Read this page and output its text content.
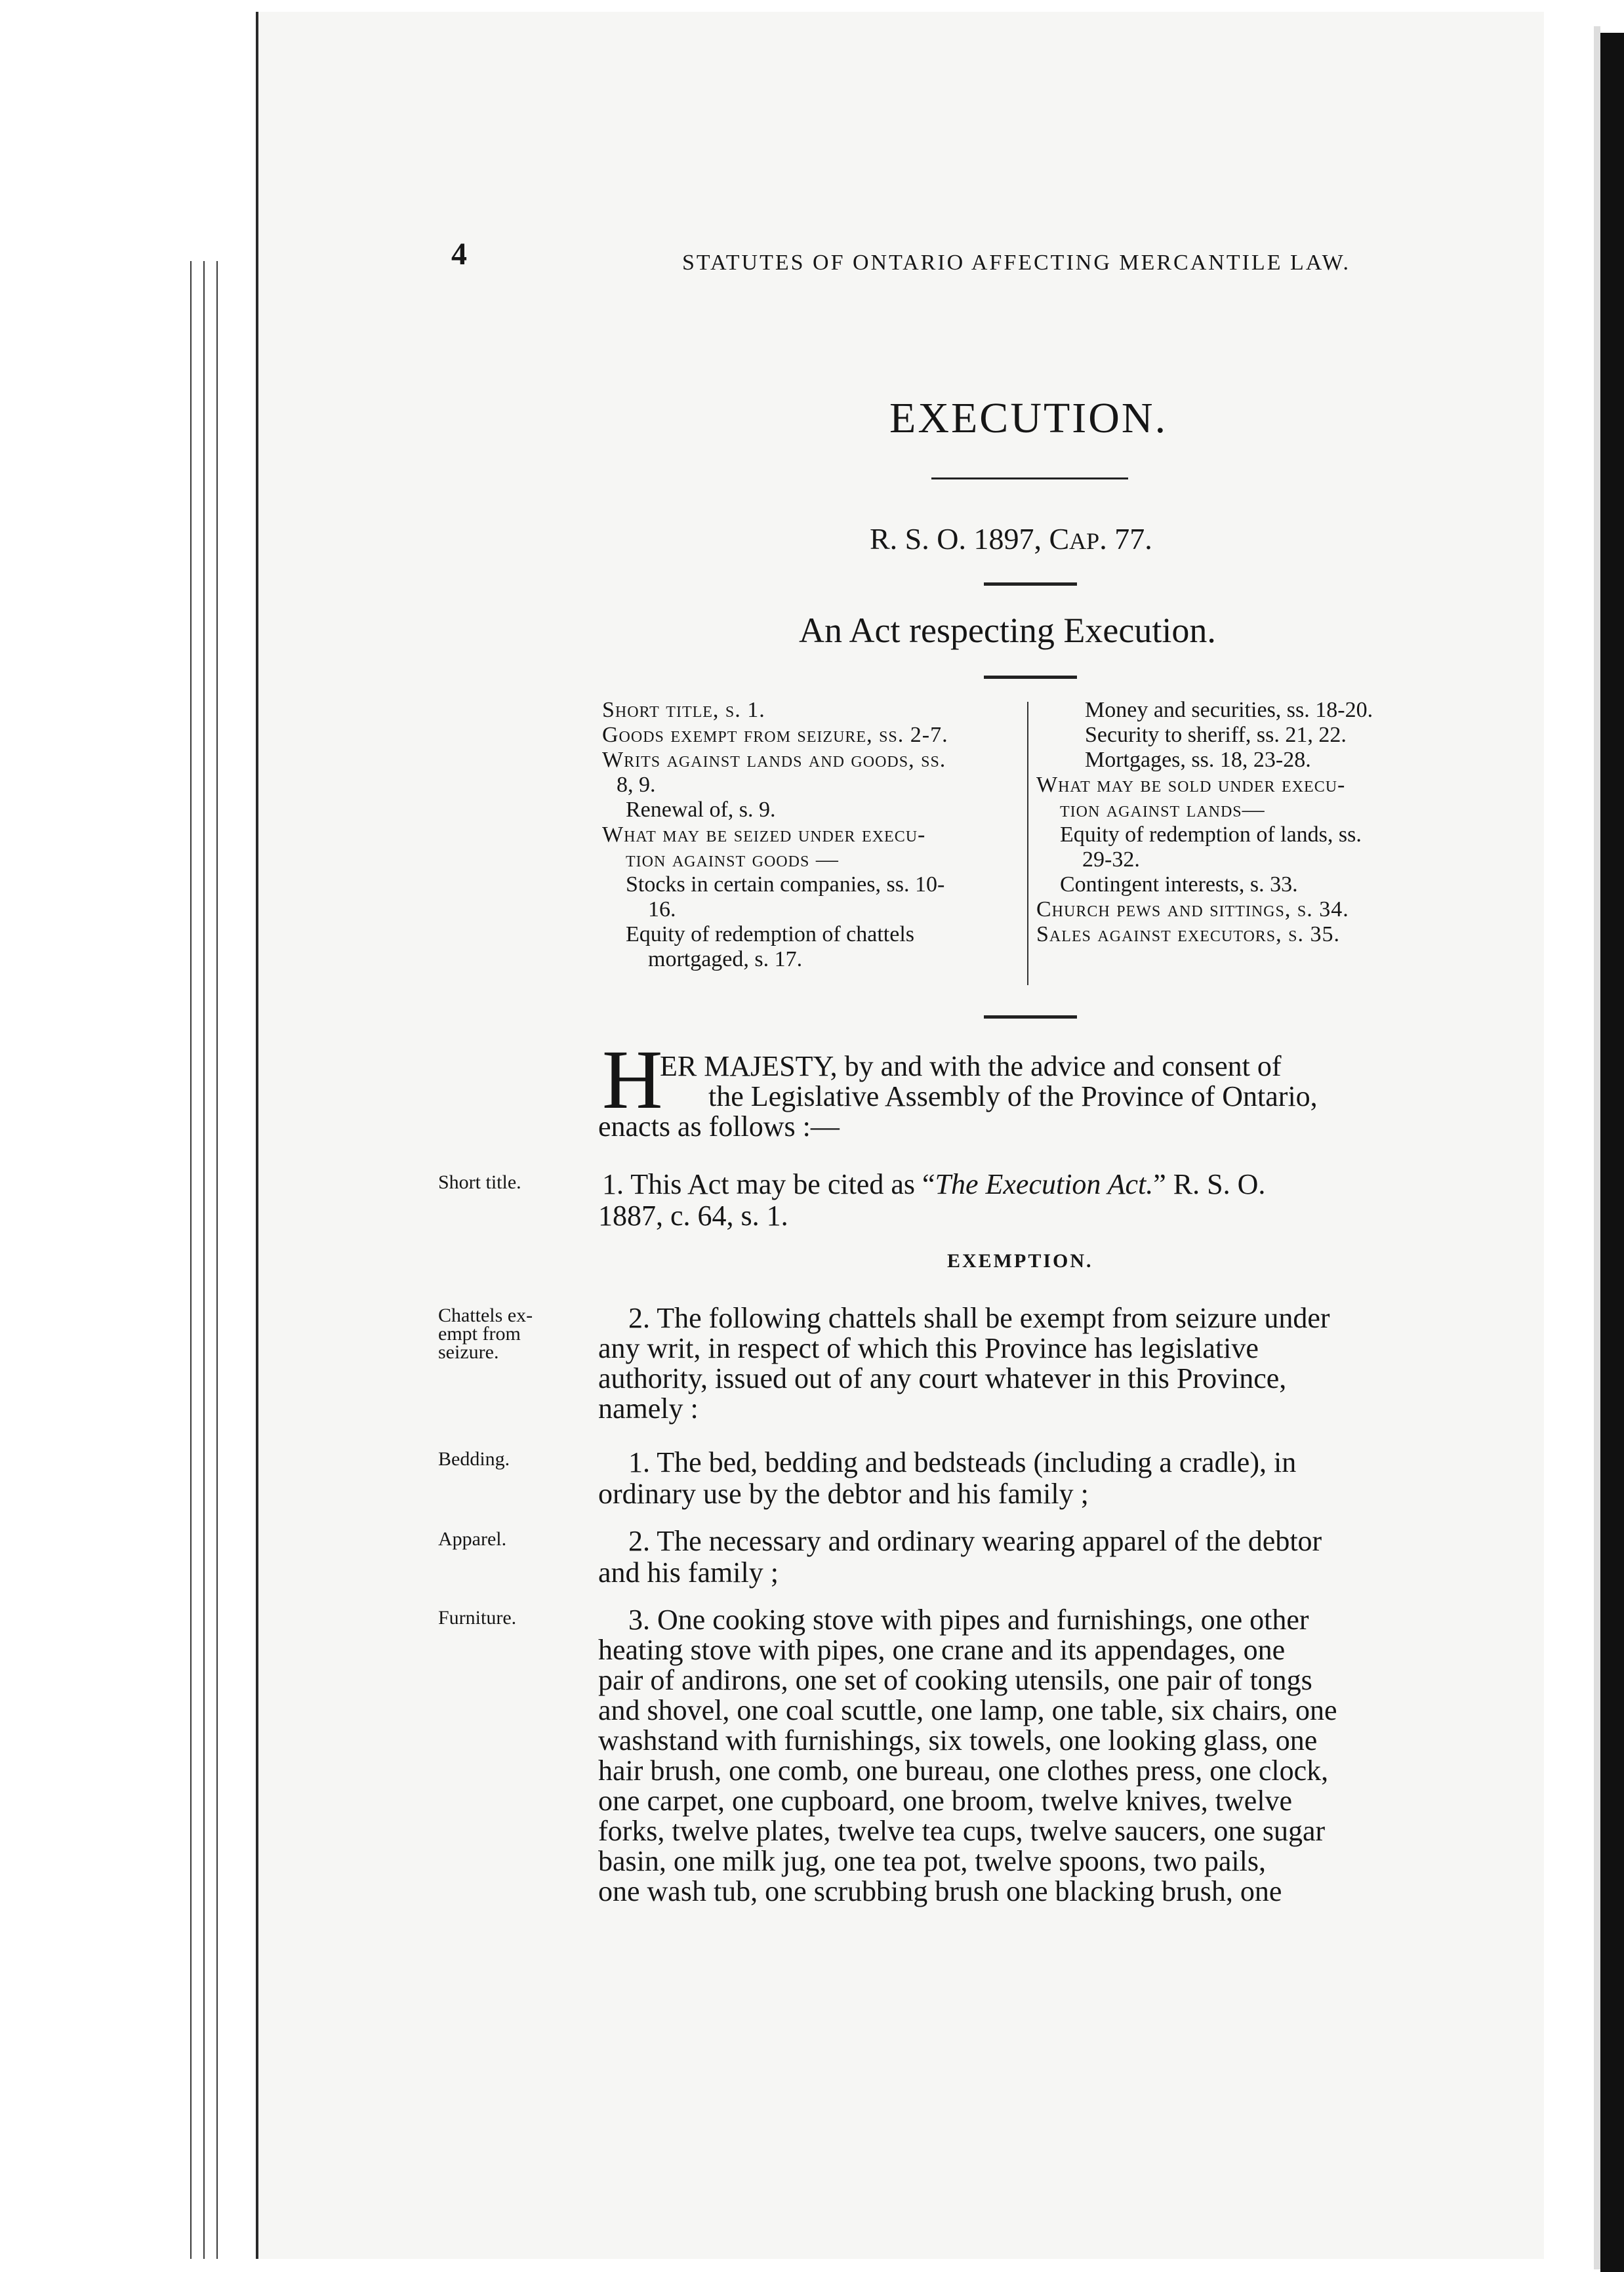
4	STATUTES OF ONTARIO AFFECTING MERCANTILE LAW.
EXECUTION.
R. S. O. 1897, CAP. 77.
An Act respecting Execution.
Short title, s. 1.
Goods exempt from seizure, ss. 2-7.
Writs against lands and goods, ss.
8, 9.
Renewal of, s. 9.
What may be seized under execu-
tion against goods —
Stocks in certain companies, ss. 10-
16.
Equity of redemption of chattels
mortgaged, s. 17.
Money and securities, ss. 18-20.
Security to sheriff, ss. 21, 22.
Mortgages, ss. 18, 23-28.
What may be sold under execu-
tion against lands—
Equity of redemption of lands, ss.
29-32.
Contingent interests, s. 33.
Church pews and sittings, s. 34.
Sales against executors, s. 35.
H
ER MAJESTY, by and with the advice and consent of
the Legislative Assembly of the Province of Ontario,
enacts as follows :—
Short title.	1. This Act may be cited as “The Execution Act.” R. S. O.
1887, c. 64, s. 1.
EXEMPTION.
Chattels ex-
empt from
seizure.
2. The following chattels shall be exempt from seizure under
any writ, in respect of which this Province has legislative
authority, issued out of any court whatever in this Province,
namely :
Bedding.	1. The bed, bedding and bedsteads (including a cradle), in
ordinary use by the debtor and his family ;
Apparel.	2. The necessary and ordinary wearing apparel of the debtor
and his family ;
Furniture.	3. One cooking stove with pipes and furnishings, one other
heating stove with pipes, one crane and its appendages, one
pair of andirons, one set of cooking utensils, one pair of tongs
and shovel, one coal scuttle, one lamp, one table, six chairs, one
washstand with furnishings, six towels, one looking glass, one
hair brush, one comb, one bureau, one clothes press, one clock,
one carpet, one cupboard, one broom, twelve knives, twelve
forks, twelve plates, twelve tea cups, twelve saucers, one sugar
basin, one milk jug, one tea pot, twelve spoons, two pails,
one wash tub, one scrubbing brush one blacking brush, one
